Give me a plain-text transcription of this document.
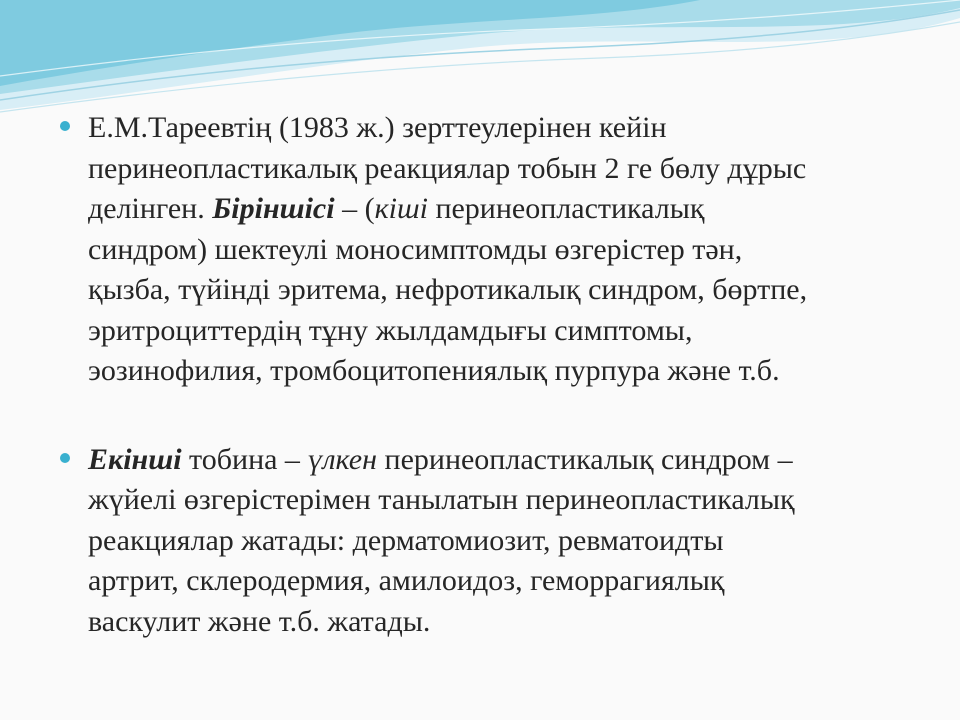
Е.М.Тареевтің (1983 ж.) зерттеулерінен кейін
перинеопластикалық реакциялар тобын 2 ге бөлу дұрыс
делінген. Біріншісі – (кіші перинеопластикалық
синдром) шектеулі моносимптомды өзгерістер тән,
қызба, түйінді эритема, нефротикалық синдром, бөртпе,
эритроциттердің тұну жылдамдығы симптомы,
эозинофилия, тромбоцитопениялық пурпура және т.б.
Екінші тобина – үлкен перинеопластикалық синдром –
жүйелі өзгерістерімен танылатын перинеопластикалық
реакциялар жатады: дерматомиозит, ревматоидты
артрит, склеродермия, амилоидоз, геморрагиялық
васкулит және т.б. жатады.
